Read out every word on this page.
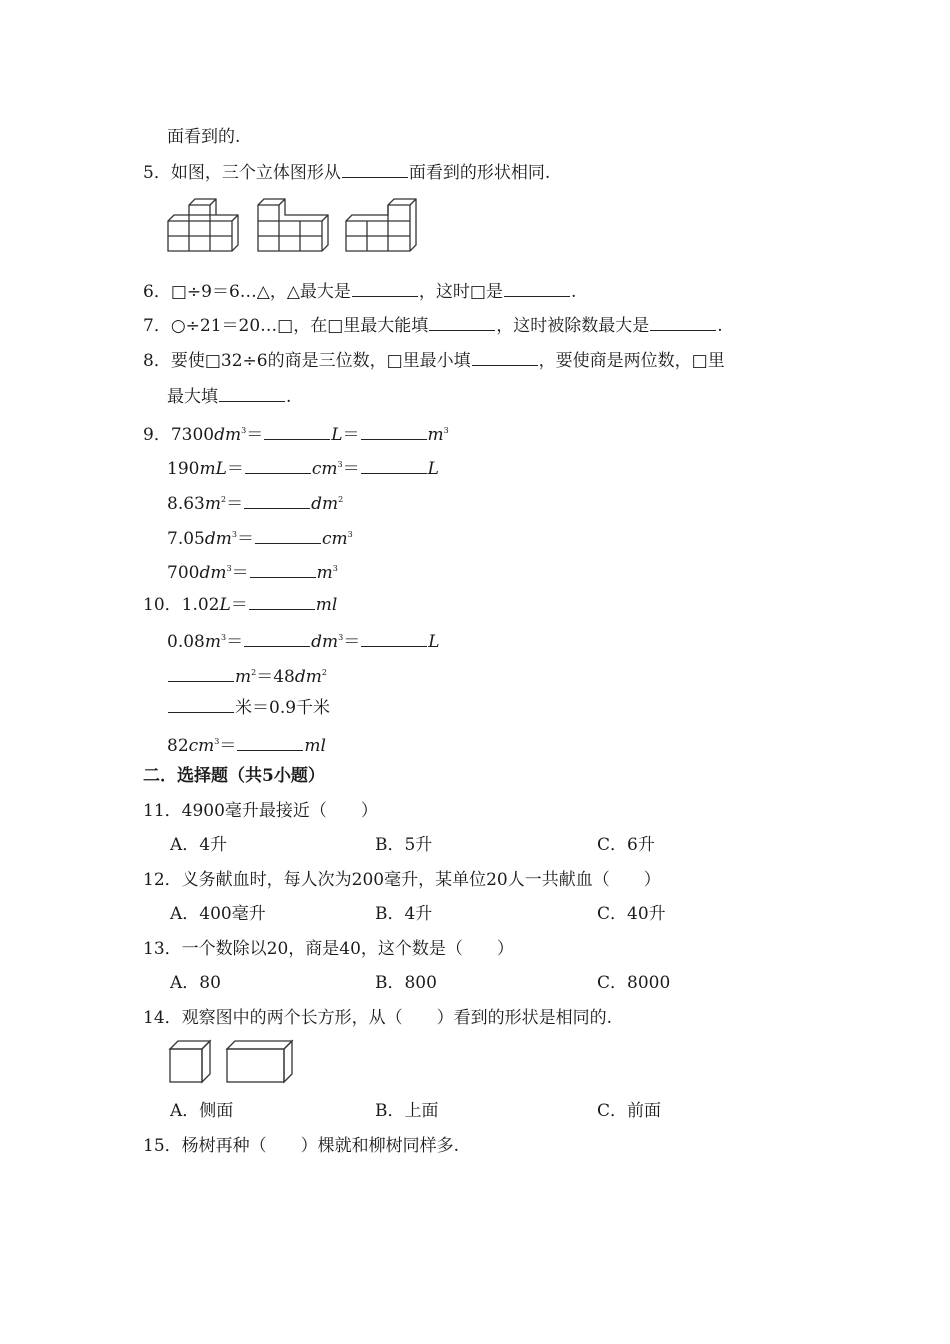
面看到的.
5．如图，三个立体图形从	面看到的形状相同.
6．□÷9＝6…△，△最大是	，这时□是	.
7．○÷21＝20…□，在□里最大能填	，这时被除数最大是	.
8．要使□32÷6的商是三位数，□里最小填	，要使商是两位数，□里
最大填	.
9．$7300dm^3=$	L＝	$m^3$
190mL＝	$cm^3=$	L
$8.63m^2=$	$dm^2$
$7.05dm^3=$	$cm^3$
$700dm^3=$	$m^3$
10．1.02L＝	ml
$0.08m^3=$	$dm^3=$	L
$m^2=48dm^2$
米＝0.9千米
$82cm^3=$	ml
二．选择题（共5小题）
11．4900毫升最接近（　　）
A．4升	B．5升	C．6升
12．义务献血时，每人次为200毫升，某单位20人一共献血（　　）
A．400毫升	B．4升	C．40升
13．一个数除以20，商是40，这个数是（　　）
A．80	B．800	C．8000
14．观察图中的两个长方形，从（　　）看到的形状是相同的.
A．侧面	B．上面	C．前面
15．杨树再种（　　）棵就和柳树同样多.
